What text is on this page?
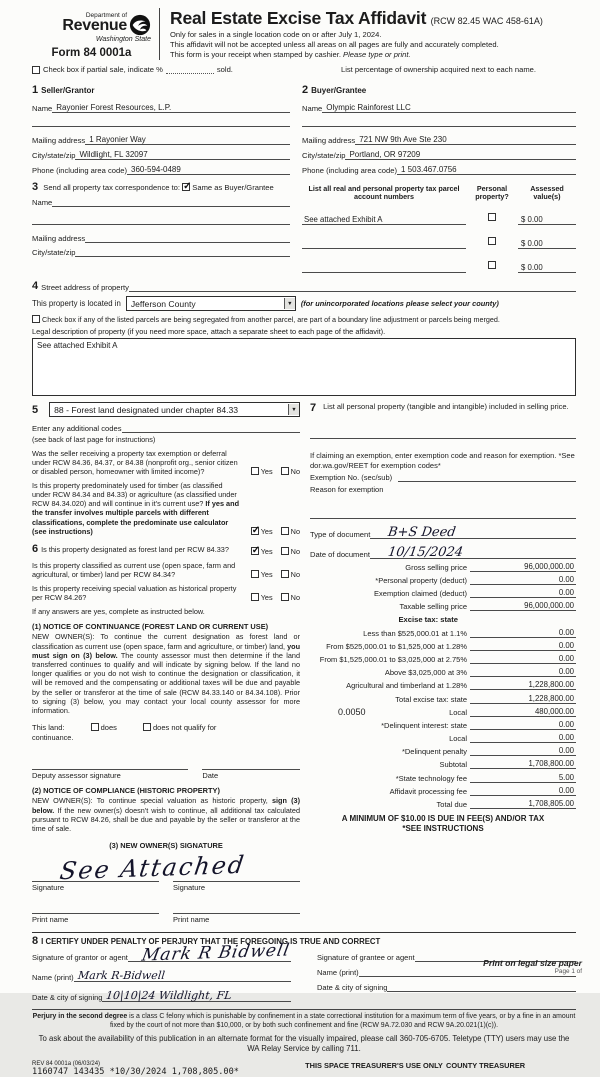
Department of
Revenue
Washington State
Form 84 0001a
Real Estate Excise Tax Affidavit (RCW 82.45 WAC 458-61A)
Only for sales in a single location code on or after July 1, 2024.
This affidavit will not be accepted unless all areas on all pages are fully and accurately completed.
This form is your receipt when stamped by cashier. Please type or print.
Check box if partial sale, indicate %	sold.	List percentage of ownership acquired next to each name.
1 Seller/Grantor
Name Rayonier Forest Resources, L.P.
Mailing address 1 Rayonier Way
City/state/zip Wildlight, FL 32097
Phone (including area code) 360-594-0489
2 Buyer/Grantee
Name Olympic Rainforest LLC
Mailing address 721 NW 9th Ave Ste 230
City/state/zip Portland, OR 97209
Phone (including area code) 1 503.467.0756
3 Send all property tax correspondence to: ✓ Same as Buyer/Grantee
Name
Mailing address
City/state/zip
List all real and personal property tax parcel account numbers
Personal property?
Assessed value(s)
See attached Exhibit A	$ 0.00
$ 0.00
$ 0.00
4 Street address of property
This property is located in Jefferson County	▼	(for unincorporated locations please select your county)
Check box if any of the listed parcels are being segregated from another parcel, are part of a boundary line adjustment or parcels being merged.
Legal description of property (if you need more space, attach a separate sheet to each page of the affidavit).
See attached Exhibit A
5	88 - Forest land designated under chapter 84.33	▼
Enter any additional codes
(see back of last page for instructions)
Was the seller receiving a property tax exemption or deferral under RCW 84.36, 84.37, or 84.38 (nonprofit org., senior citizen or disabled person, homeowner with limited income)?	Yes No
Is this property predominately used for timber (as classified under RCW 84.34 and 84.33) or agriculture (as classified under RCW 84.34.020) and will continue in it's current use? If yes and the transfer involves multiple parcels with different classifications, complete the predominate use calculator (see instructions) ✓	Yes No
6 Is this property designated as forest land per RCW 84.33? ✓	Yes No
Is this property classified as current use (open space, farm and agricultural, or timber) land per RCW 84.34?	Yes No
Is this property receiving special valuation as historical property per RCW 84.26?	Yes No
If any answers are yes, complete as instructed below.
(1) NOTICE OF CONTINUANCE (FOREST LAND OR CURRENT USE)
NEW OWNER(S): To continue the current designation as forest land or classification as current use (open space, farm and agriculture, or timber) land, you must sign on (3) below. The county assessor must then determine if the land transferred continues to qualify and will indicate by signing below. If the land no longer qualifies or you do not wish to continue the designation or classification, it will be removed and the compensating or additional taxes will be due and payable by the seller or transferor at the time of sale (RCW 84.33.140 or 84.34.108). Prior to signing (3) below, you may contact your local county assessor for more information.
This land:	does	does not qualify for
continuance.
Deputy assessor signature	Date
(2) NOTICE OF COMPLIANCE (HISTORIC PROPERTY)
NEW OWNER(S): To continue special valuation as historic property, sign (3) below. If the new owner(s) doesn't wish to continue, all additional tax calculated pursuant to RCW 84.26, shall be due and payable by the seller or transferor at the time of sale.
(3) NEW OWNER(S) SIGNATURE
See Attached
Signature	Signature
Print name	Print name
7 List all personal property (tangible and intangible) included in selling price.
If claiming an exemption, enter exemption code and reason for exemption. *See dor.wa.gov/REET for exemption codes*
Exemption No. (sec/sub)
Reason for exemption
Type of document	B+S Deed
Date of document	10/15/2024
Gross selling price	96,000,000.00
*Personal property (deduct)	0.00
Exemption claimed (deduct)	0.00
Taxable selling price	96,000,000.00
Excise tax: state
Less than $525,000.01 at 1.1%	0.00
From $525,000.01 to $1,525,000 at 1.28%	0.00
From $1,525,000.01 to $3,025,000 at 2.75%	0.00
Above $3,025,000 at 3%	0.00
Agricultural and timberland at 1.28%	1,228,800.00
Total excise tax: state	1,228,800.00
0.0050	Local	480,000.00
*Delinquent interest: state	0.00
Local	0.00
*Delinquent penalty	0.00
Subtotal	1,708,800.00
*State technology fee	5.00
Affidavit processing fee	0.00
Total due	1,708,805.00
A MINIMUM OF $10.00 IS DUE IN FEE(S) AND/OR TAX
*SEE INSTRUCTIONS
8 I CERTIFY UNDER PENALTY OF PERJURY THAT THE FOREGOING IS TRUE AND CORRECT
Signature of grantor or agent Mark R Bidwell
Name (print) Mark R-Bidwell
Date & city of signing 10|10|24 Wildlight, FL
Signature of grantee or agent
Name (print)
Date & city of signing
Perjury in the second degree is a class C felony which is punishable by confinement in a state correctional institution for a maximum term of five years, or by a fine in an amount fixed by the court of not more than $10,000, or by both such confinement and fine (RCW 9A.72.030 and RCW 9A.20.021(1)(c)).
To ask about the availability of this publication in an alternate format for the visually impaired, please call 360-705-6705. Teletype (TTY) users may use the WA Relay Service by calling 711.
REV 84 0001a (06/03/24)
1160747 143435 *10/30/2024 1,708,805.00*
THIS SPACE TREASURER'S USE ONLY COUNTY TREASURER
Print on legal size paper
Page 1 of
